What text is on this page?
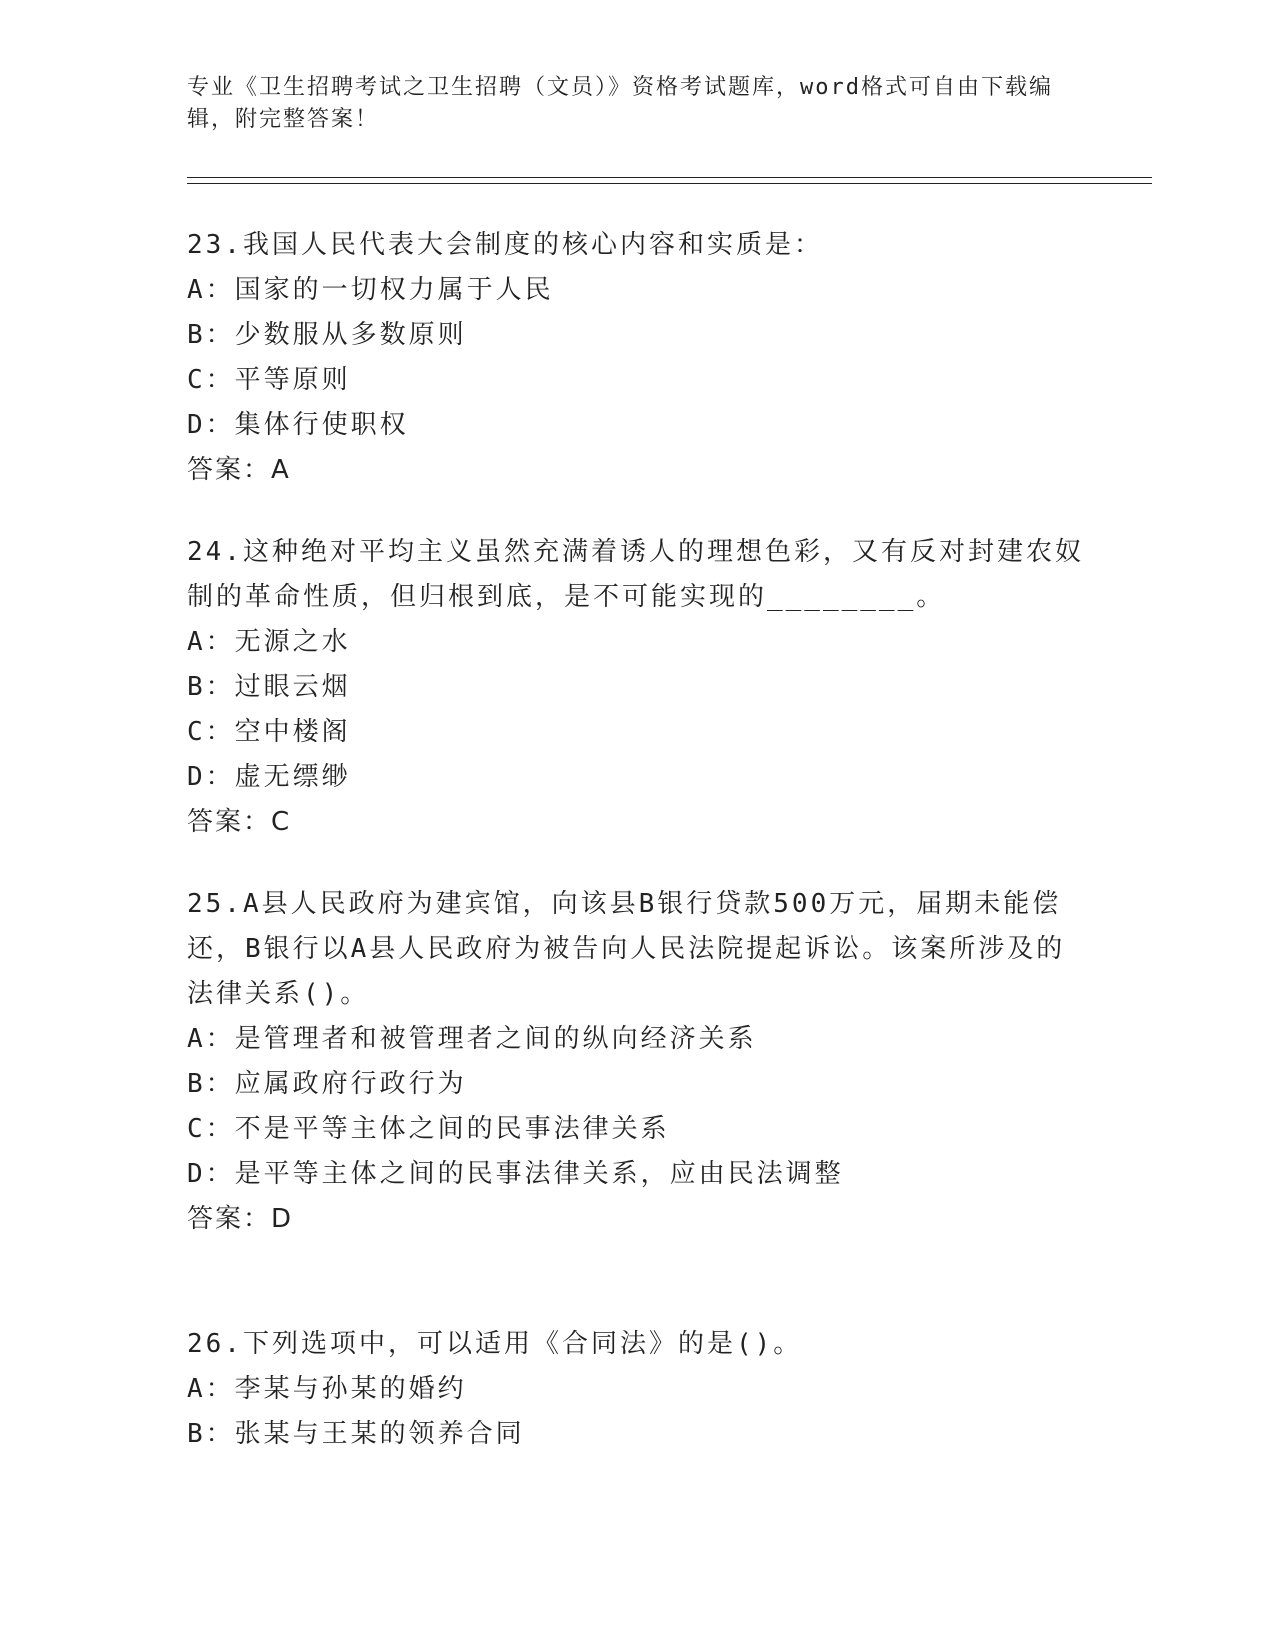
专业《卫生招聘考试之卫生招聘（文员）》资格考试题库，word格式可自由下载编辑，附完整答案！

23.我国人民代表大会制度的核心内容和实质是：

A：国家的一切权力属于人民

B：少数服从多数原则

C：平等原则

D：集体行使职权

答案：A

24.这种绝对平均主义虽然充满着诱人的理想色彩，又有反对封建农奴制的革命性质，但归根到底，是不可能实现的________。

A：无源之水

B：过眼云烟

C：空中楼阁

D：虚无缥缈

答案：C

25.A县人民政府为建宾馆，向该县B银行贷款500万元，届期未能偿还，B银行以A县人民政府为被告向人民法院提起诉讼。该案所涉及的法律关系()。

A：是管理者和被管理者之间的纵向经济关系

B：应属政府行政行为

C：不是平等主体之间的民事法律关系

D：是平等主体之间的民事法律关系，应由民法调整

答案：D

26.下列选项中，可以适用《合同法》的是()。

A：李某与孙某的婚约

B：张某与王某的领养合同
